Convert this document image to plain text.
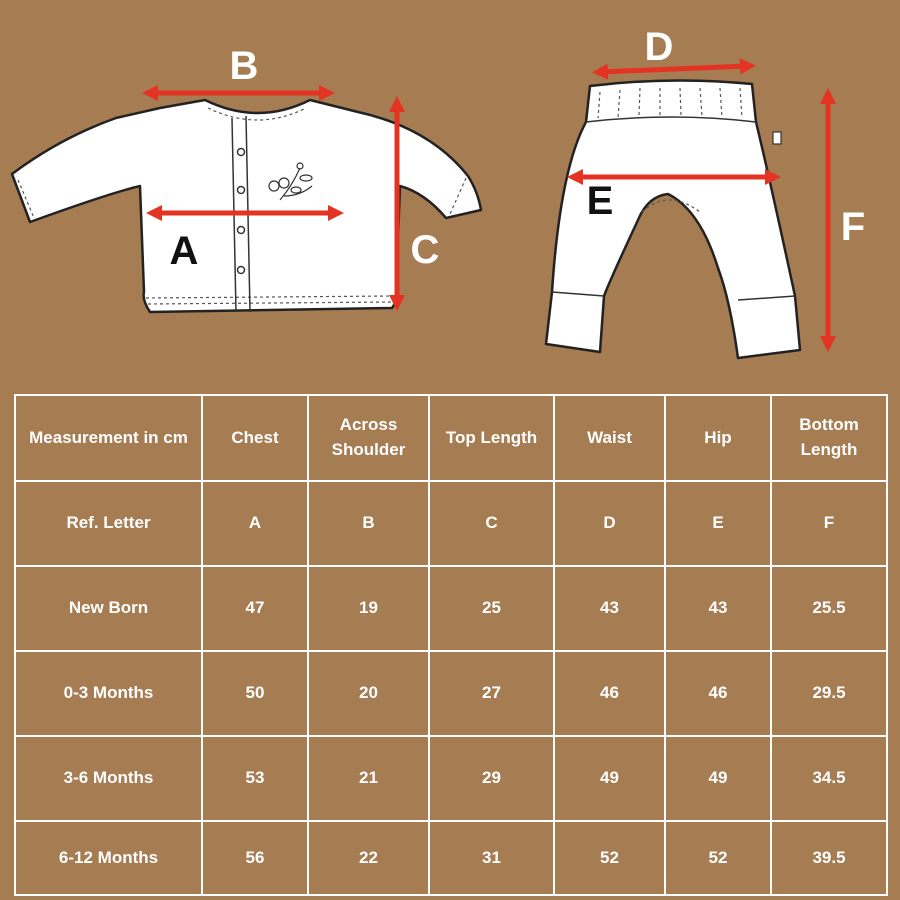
B
A	C
D
E
F
Measurement in cm	Chest	Across Shoulder	Top Length	Waist	Hip	Bottom Length
Ref. Letter	A	B	C	D	E	F
New Born	47	19	25	43	43	25.5
0-3 Months	50	20	27	46	46	29.5
3-6 Months	53	21	29	49	49	34.5
6-12 Months	56	22	31	52	52	39.5
